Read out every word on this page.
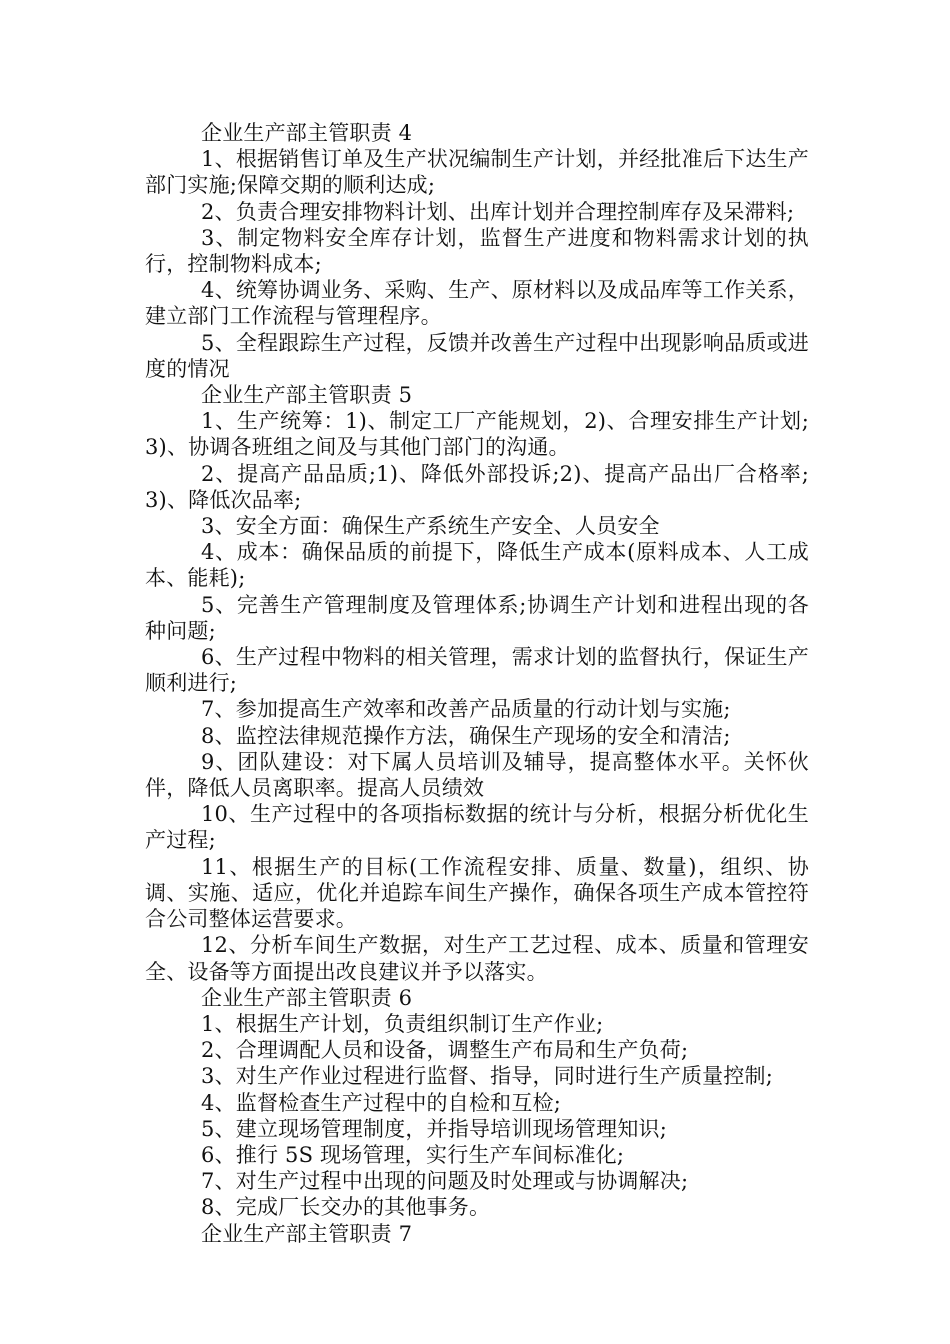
企业生产部主管职责 4

1、根据销售订单及生产状况编制生产计划，并经批准后下达生产部门实施;保障交期的顺利达成;

2、负责合理安排物料计划、出库计划并合理控制库存及呆滞料;

3、制定物料安全库存计划，监督生产进度和物料需求计划的执行，控制物料成本;

4、统筹协调业务、采购、生产、原材料以及成品库等工作关系，建立部门工作流程与管理程序。

5、全程跟踪生产过程，反馈并改善生产过程中出现影响品质或进度的情况

企业生产部主管职责 5

1、生产统筹：1)、制定工厂产能规划，2)、合理安排生产计划;3)、协调各班组之间及与其他门部门的沟通。

2、提高产品品质;1)、降低外部投诉;2)、提高产品出厂合格率;3)、降低次品率;

3、安全方面：确保生产系统生产安全、人员安全

4、成本：确保品质的前提下，降低生产成本(原料成本、人工成本、能耗);

5、完善生产管理制度及管理体系;协调生产计划和进程出现的各种问题;

6、生产过程中物料的相关管理，需求计划的监督执行，保证生产顺利进行;

7、参加提高生产效率和改善产品质量的行动计划与实施;

8、监控法律规范操作方法，确保生产现场的安全和清洁;

9、团队建设：对下属人员培训及辅导，提高整体水平。关怀伙伴，降低人员离职率。提高人员绩效

10、生产过程中的各项指标数据的统计与分析，根据分析优化生产过程;

11、根据生产的目标(工作流程安排、质量、数量)，组织、协调、实施、适应，优化并追踪车间生产操作，确保各项生产成本管控符合公司整体运营要求。

12、分析车间生产数据，对生产工艺过程、成本、质量和管理安全、设备等方面提出改良建议并予以落实。

企业生产部主管职责 6

1、根据生产计划，负责组织制订生产作业;

2、合理调配人员和设备，调整生产布局和生产负荷;

3、对生产作业过程进行监督、指导，同时进行生产质量控制;

4、监督检查生产过程中的自检和互检;

5、建立现场管理制度，并指导培训现场管理知识;

6、推行 5S 现场管理，实行生产车间标准化;

7、对生产过程中出现的问题及时处理或与协调解决;

8、完成厂长交办的其他事务。

企业生产部主管职责 7
